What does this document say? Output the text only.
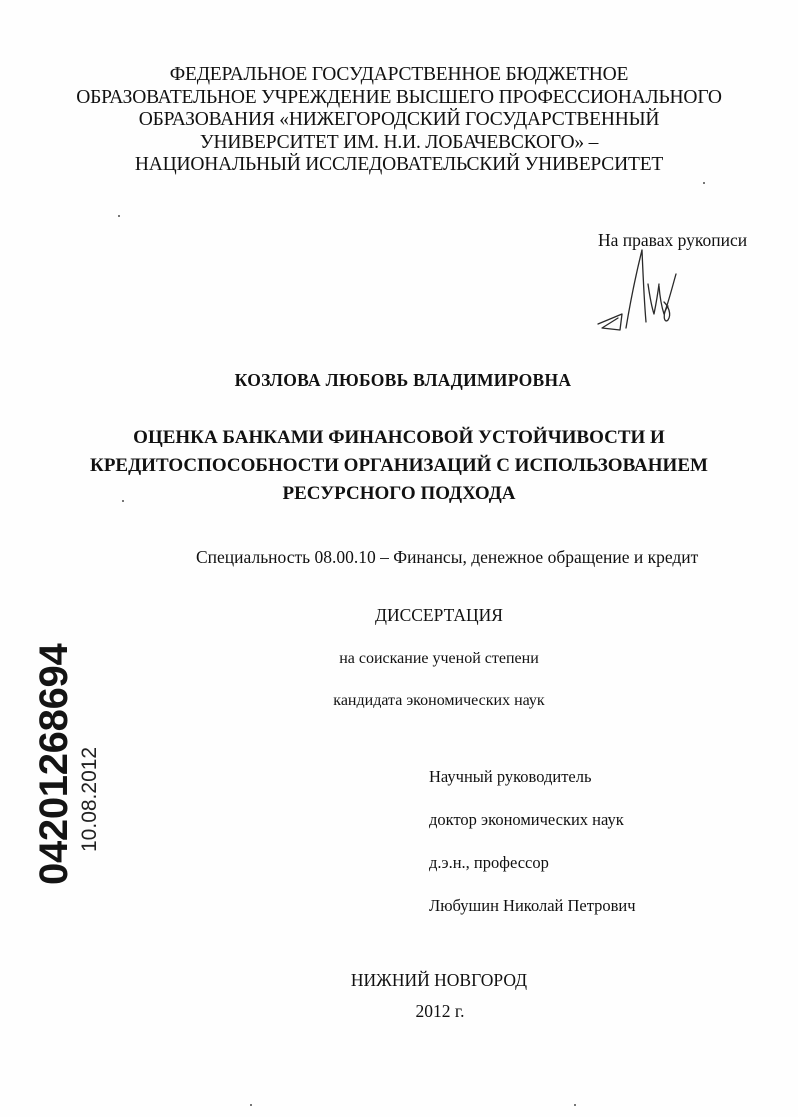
ФЕДЕРАЛЬНОЕ ГОСУДАРСТВЕННОЕ БЮДЖЕТНОЕ
ОБРАЗОВАТЕЛЬНОЕ УЧРЕЖДЕНИЕ ВЫСШЕГО ПРОФЕССИОНАЛЬНОГО
ОБРАЗОВАНИЯ «НИЖЕГОРОДСКИЙ ГОСУДАРСТВЕННЫЙ
УНИВЕРСИТЕТ ИМ. Н.И. ЛОБАЧЕВСКОГО» –
НАЦИОНАЛЬНЫЙ ИССЛЕДОВАТЕЛЬСКИЙ УНИВЕРСИТЕТ
На правах рукописи
КОЗЛОВА ЛЮБОВЬ ВЛАДИМИРОВНА
ОЦЕНКА БАНКАМИ ФИНАНСОВОЙ УСТОЙЧИВОСТИ И
КРЕДИТОСПОСОБНОСТИ ОРГАНИЗАЦИЙ С ИСПОЛЬЗОВАНИЕМ
РЕСУРСНОГО ПОДХОДА
Специальность 08.00.10 – Финансы, денежное обращение и кредит
ДИССЕРТАЦИЯ
на соискание ученой степени
кандидата экономических наук
Научный руководитель
доктор экономических наук
д.э.н., профессор
Любушин Николай Петрович
НИЖНИЙ НОВГОРОД
2012 г.
04201268694 10.08.2012
